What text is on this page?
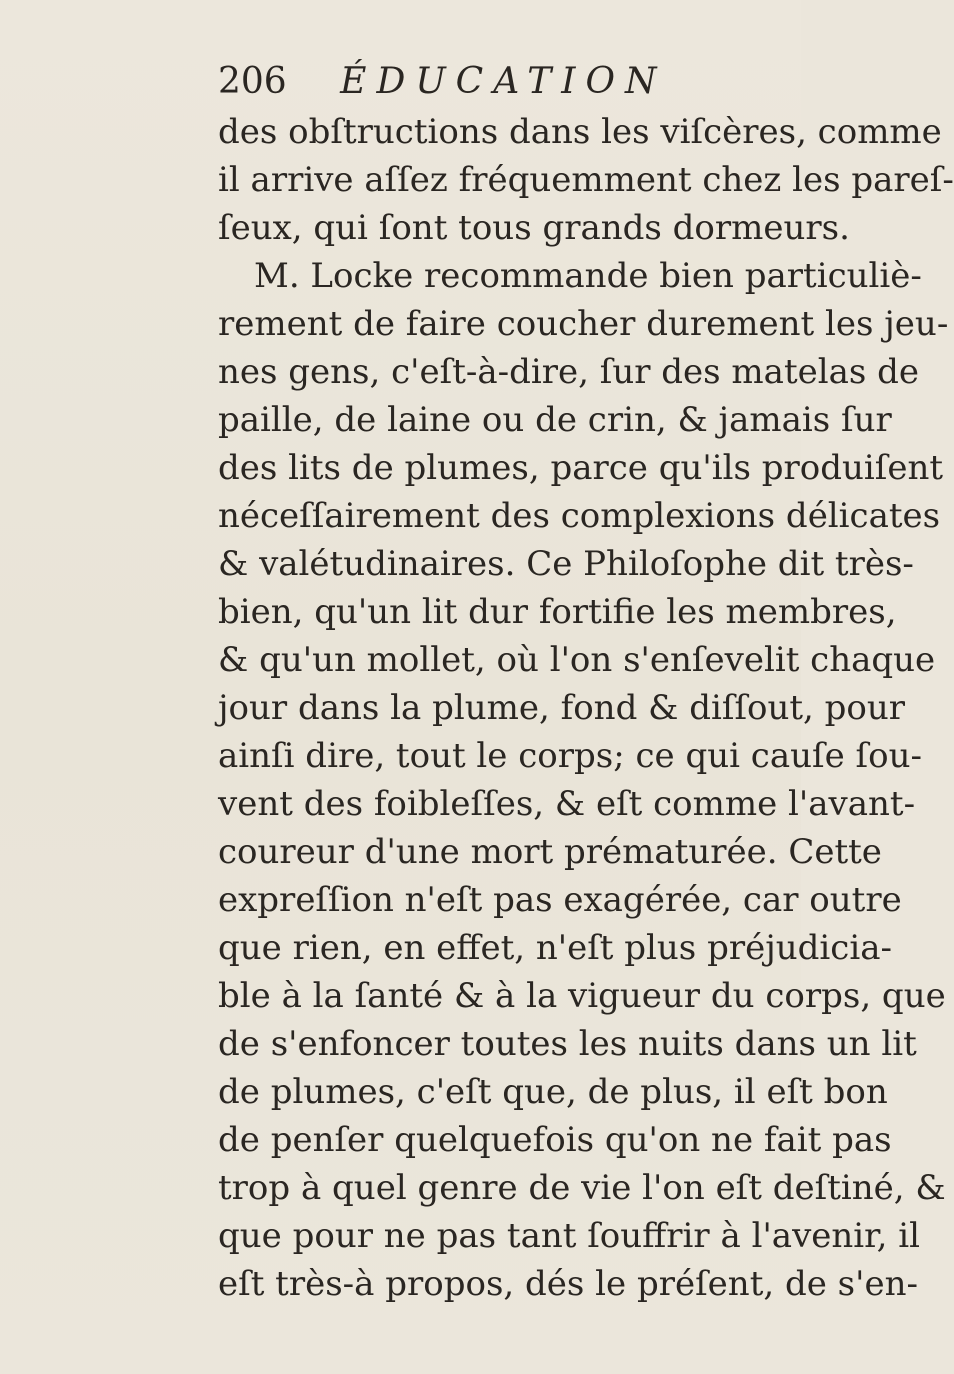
206 ÉDUCATION
des obſtructions dans les viſcères, comme
il arrive aſſez fréquemment chez les pareſ-
ſeux, qui ſont tous grands dormeurs.
M. Locke recommande bien particuliè-
rement de faire coucher durement les jeu-
nes gens, c'eſt-à-dire, ſur des matelas de
paille, de laine ou de crin, & jamais ſur
des lits de plumes, parce qu'ils produiſent
néceſſairement des complexions délicates
& valétudinaires. Ce Philoſophe dit très-
bien, qu'un lit dur fortifie les membres,
& qu'un mollet, où l'on s'enſevelit chaque
jour dans la plume, fond & diſſout, pour
ainſi dire, tout le corps; ce qui cauſe ſou-
vent des foibleſſes, & eſt comme l'avant-
coureur d'une mort prématurée. Cette
expreſſion n'eſt pas exagérée, car outre
que rien, en effet, n'eſt plus préjudicia-
ble à la ſanté & à la vigueur du corps, que
de s'enfoncer toutes les nuits dans un lit
de plumes, c'eſt que, de plus, il eſt bon
de penſer quelquefois qu'on ne fait pas
trop à quel genre de vie l'on eſt deſtiné, &
que pour ne pas tant ſouffrir à l'avenir, il
eſt très-à propos, dés le préſent, de s'en-
